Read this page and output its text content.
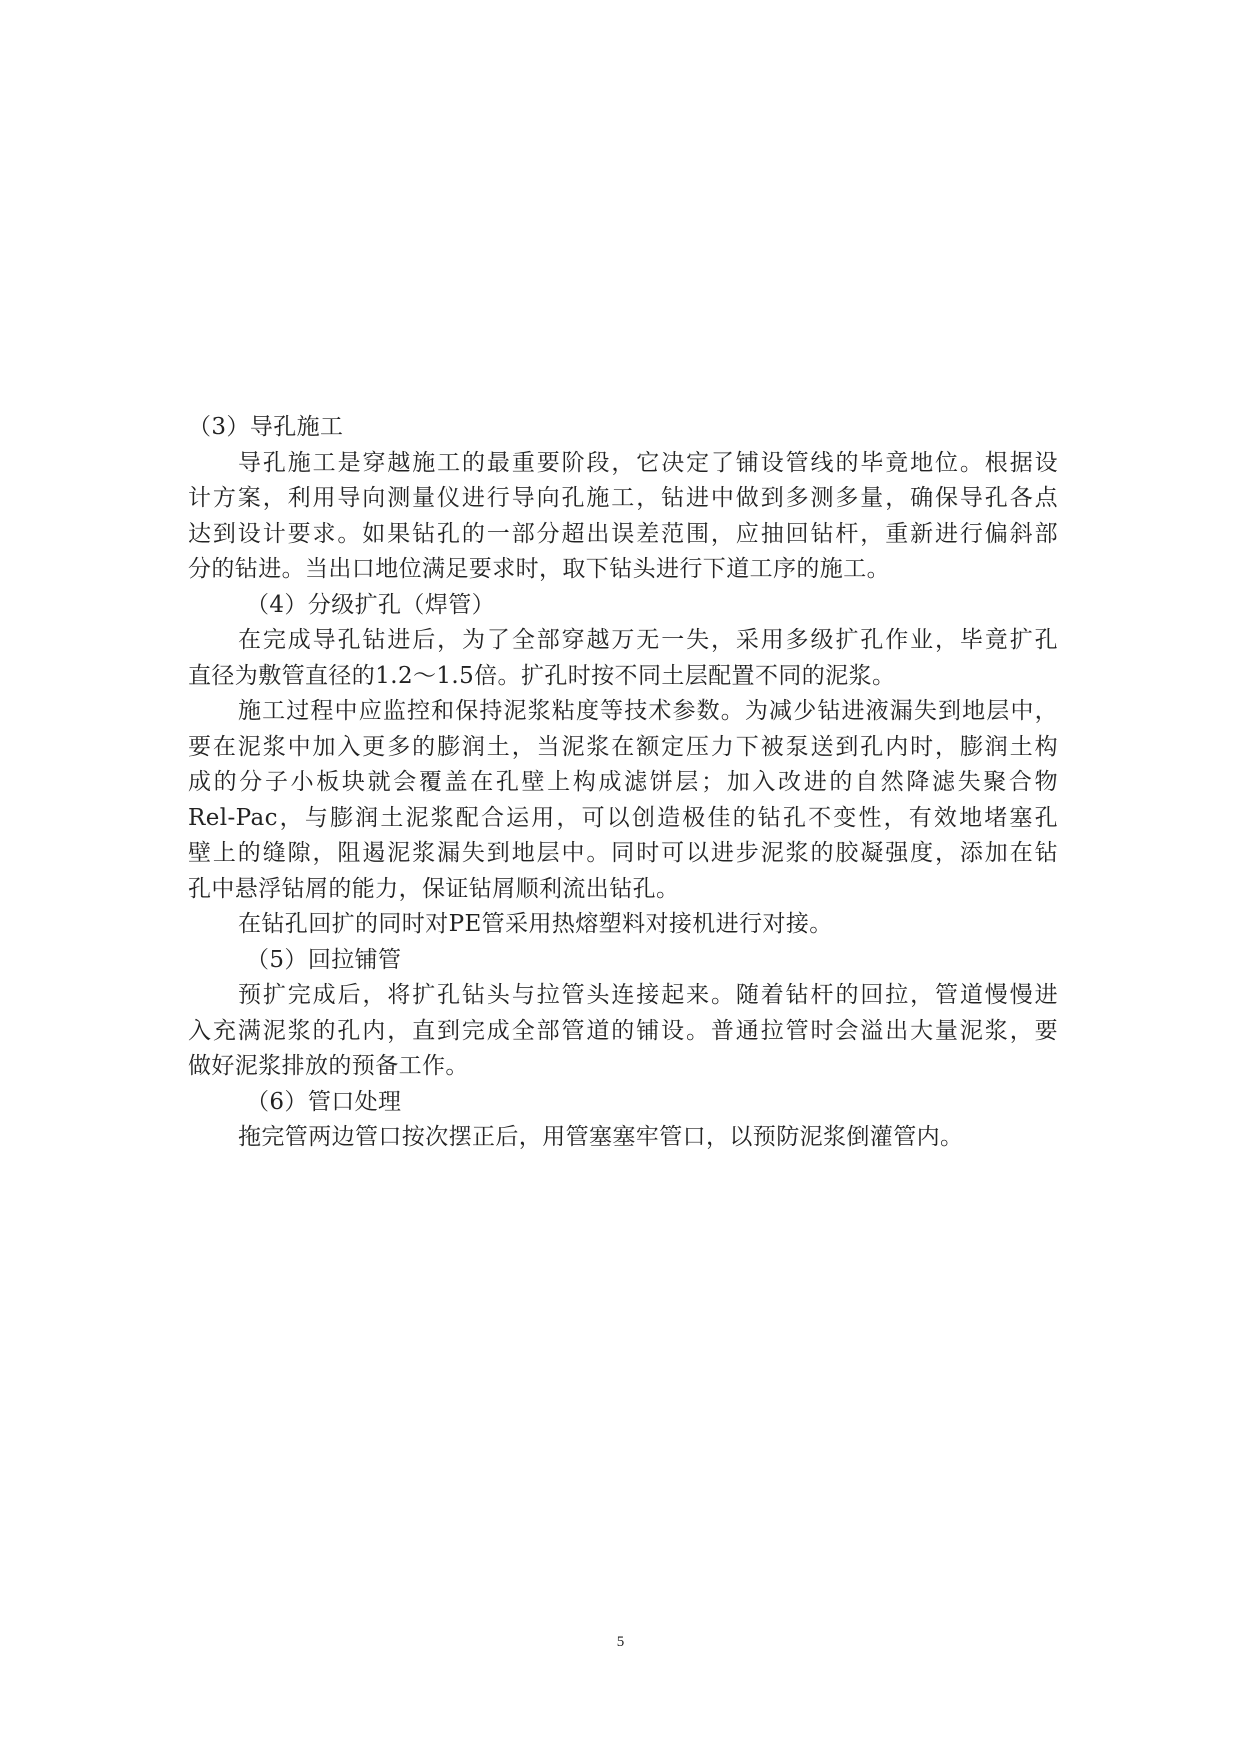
（3）导孔施工
导孔施工是穿越施工的最重要阶段，它决定了铺设管线的毕竟地位。根据设
计方案，利用导向测量仪进行导向孔施工，钻进中做到多测多量，确保导孔各点
达到设计要求。如果钻孔的一部分超出误差范围，应抽回钻杆，重新进行偏斜部
分的钻进。当出口地位满足要求时，取下钻头进行下道工序的施工。
（4）分级扩孔（焊管）
在完成导孔钻进后，为了全部穿越万无一失，采用多级扩孔作业，毕竟扩孔
直径为敷管直径的1.2～1.5倍。扩孔时按不同土层配置不同的泥浆。
施工过程中应监控和保持泥浆粘度等技术参数。为减少钻进液漏失到地层中，
要在泥浆中加入更多的膨润土，当泥浆在额定压力下被泵送到孔内时，膨润土构
成的分子小板块就会覆盖在孔壁上构成滤饼层；加入改进的自然降滤失聚合物
Rel-Pac，与膨润土泥浆配合运用，可以创造极佳的钻孔不变性，有效地堵塞孔
壁上的缝隙，阻遏泥浆漏失到地层中。同时可以进步泥浆的胶凝强度，添加在钻
孔中悬浮钻屑的能力，保证钻屑顺利流出钻孔。
在钻孔回扩的同时对PE管采用热熔塑料对接机进行对接。
（5）回拉铺管
预扩完成后，将扩孔钻头与拉管头连接起来。随着钻杆的回拉，管道慢慢进
入充满泥浆的孔内，直到完成全部管道的铺设。普通拉管时会溢出大量泥浆，要
做好泥浆排放的预备工作。
（6）管口处理
拖完管两边管口按次摆正后，用管塞塞牢管口，以预防泥浆倒灌管内。
5
